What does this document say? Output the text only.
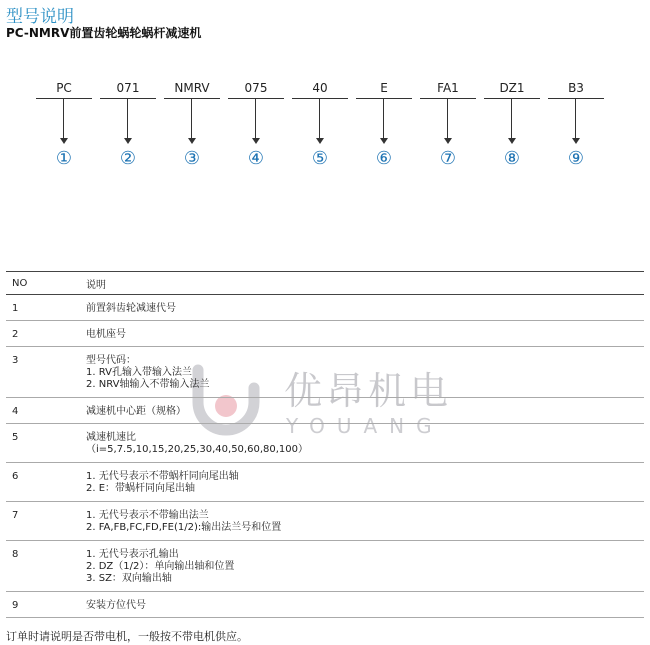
型号说明
PC-NMRV前置齿轮蜗轮蜗杆减速机
PC
①
071
②
NMRV
③
075
④
40
⑤
E
⑥
FA1
⑦
DZ1
⑧
B3
⑨
优昂机电
YOUANG
NO	说明
1	前置斜齿轮减速代号
2	电机座号
3	型号代码：
1. RV孔输入带输入法兰
2. NRV轴输入不带输入法兰
4	减速机中心距（规格）
5	减速机速比
（i=5,7.5,10,15,20,25,30,40,50,60,80,100）
6	1. 无代号表示不带蜗杆同向尾出轴
2. E：带蜗杆同向尾出轴
7	1. 无代号表示不带输出法兰
2. FA,FB,FC,FD,FE(1/2):输出法兰号和位置
8	1. 无代号表示孔输出
2. DZ（1/2）：单向输出轴和位置
3. SZ：双向输出轴
9	安装方位代号
订单时请说明是否带电机，一般按不带电机供应。
